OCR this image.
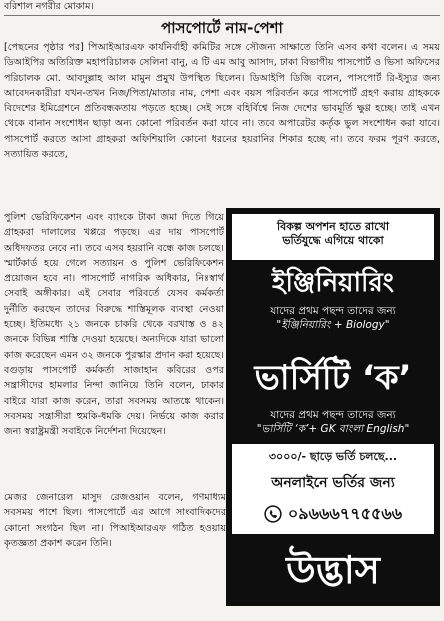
বরিশাল নগরীর মোকাম।
পাসপোর্টে নাম-পেশা

[পেছনের পৃষ্ঠার পর] পিআইআরএফ কার্যনির্বাহী কমিটির সঙ্গে সৌজন্য সাক্ষাতে তিনি এসব কথা বলেন। এ সময় ডিআইপির অতিরিক্ত মহাপরিচালক সেলিনা বানু, এ টি এম আবু আসাদ, ঢাকা বিভাগীয় পাসপোর্ট ও ভিসা অফিসের পরিচালক মো. আবদুল্লাহ আল মামুন প্রমুখ উপস্থিত ছিলেন। ডিআইপি ডিজি বলেন, পাসপোর্ট রি-ইস্যুর জন্য আবেদনকারীরা যখন-তখন নিজ/পিতা/মাতার নাম, পেশা এবং বয়স পরিবর্তন করে পাসপোর্ট গ্রহণ করায় গ্রাহককে বিদেশের ইমিগ্রেশনে প্রতিবন্ধকতায় পড়তে হচ্ছে। সেই সঙ্গে বহির্বিশ্বে নিজ দেশের ভাবমূর্তি ক্ষুণ্ণ হচ্ছে। তাই এখন থেকে বানান সংশোধন ছাড়া অন্য কোনো পরিবর্তন করা যাবে না। তবে অপারেটর কর্তৃক ভুল সংশোধন করা যাবে। পাসপোর্ট করতে আসা গ্রাহকরা অফিশিয়ালি কোনো ধরনের হয়রানির শিকার হচ্ছে না। তবে ফরম পূরণ করতে, সত্যায়িত করতে,

পুলিশ ভেরিফিকেশন এবং ব্যাংকে টাকা জমা দিতে গিয়ে গ্রাহকরা দালালের খপ্পরে পড়ছে। এর দায় পাসপোর্ট অধিদফতর নেবে না। তবে এসব হয়রানি বন্ধে কাজ চলছে। স্মার্টকার্ড হয়ে গেলে সত্যায়ন ও পুলিশ ভেরিফিকেশন প্রয়োজন হবে না। পাসপোর্ট নাগরিক অধিকার, নিঃস্বার্থ সেবাই অঙ্গীকার। এই সেবার পরিবর্তে যেসব কর্মকর্তা দুর্নীতি করছেন তাদের বিরুদ্ধে শাস্তিমূলক ব্যবস্থা নেওয়া হচ্ছে। ইতিমধ্যে ২১ জনকে চাকরি থেকে বরখাস্ত ও ৪২ জনকে বিভিন্ন শাস্তি দেওয়া হয়েছে। অন্যদিকে যারা ভালো কাজ করেছেন এমন ৩২ জনকে পুরস্কার প্রদান করা হয়েছে। বগুড়ায় পাসপোর্ট কর্মকর্তা সাজাহান কবিরের ওপর সন্ত্রাসীদের হামলার নিন্দা জানিয়ে তিনি বলেন, ঢাকার বাইরে যারা কাজ করেন, তারা সবসময় আতঙ্কে থাকেন। সবসময় সন্ত্রাসীরা হুমকি-ধমকি দেয়। নির্ভয়ে কাজ করার জন্য স্বরাষ্ট্রমন্ত্রী সবাইকে নির্দেশনা দিয়েছেন।

মেজর জেনারেল মাসুদ রেজওয়ান বলেন, গণমাধ্যম সবসময় পাশে ছিল। পাসপোর্টে এর আগে সাংবাদিকদের কোনো সংগঠন ছিল না। পিআইআরএফ গঠিত হওয়ায় কৃতজ্ঞতা প্রকাশ করেন তিনি।

বিকল্প অপশন হাতে রাখো
ভর্তিযুদ্ধে এগিয়ে থাকো
ইঞ্জিনিয়ারিং
যাদের প্রথম পছন্দ তাদের জন্য
"ইঞ্জিনিয়ারিং + Biology"
ভার্সিটি ‘ক’
যাদের প্রথম পছন্দ তাদের জন্য
"ভার্সিটি ‘ক’+ GK বাংলা English"
৩০০০/- ছাড়ে ভর্তি চলছে...
অনলাইনে ভর্তির জন্য
০৯৬৬৬৭৭৫৫৬৬
উদ্ভাস
